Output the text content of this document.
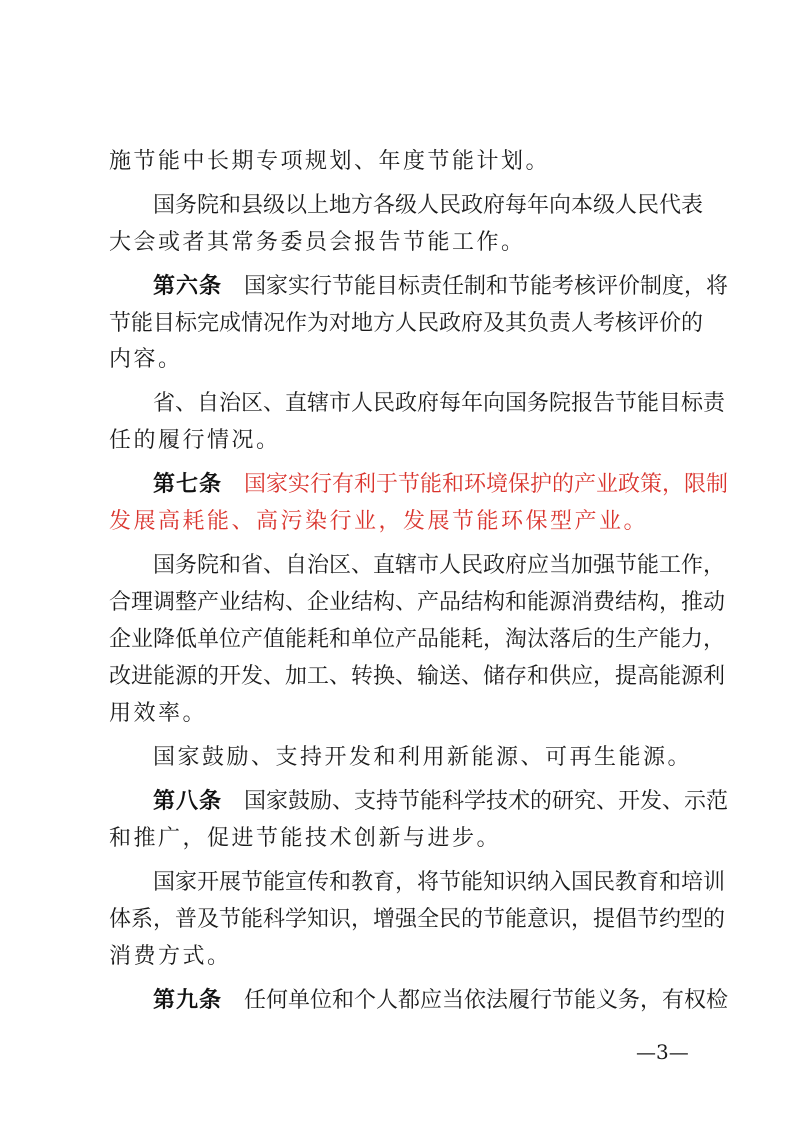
施节能中长期专项规划、年度节能计划。
国务院和县级以上地方各级人民政府每年向本级人民代表
大会或者其常务委员会报告节能工作。
第六条 国家实行节能目标责任制和节能考核评价制度，将
节能目标完成情况作为对地方人民政府及其负责人考核评价的
内容。
省、自治区、直辖市人民政府每年向国务院报告节能目标责
任的履行情况。
第七条 国家实行有利于节能和环境保护的产业政策，限制
发展高耗能、高污染行业，发展节能环保型产业。
国务院和省、自治区、直辖市人民政府应当加强节能工作，
合理调整产业结构、企业结构、产品结构和能源消费结构，推动
企业降低单位产值能耗和单位产品能耗，淘汰落后的生产能力，
改进能源的开发、加工、转换、输送、储存和供应，提高能源利
用效率。
国家鼓励、支持开发和利用新能源、可再生能源。
第八条 国家鼓励、支持节能科学技术的研究、开发、示范
和推广，促进节能技术创新与进步。
国家开展节能宣传和教育，将节能知识纳入国民教育和培训
体系，普及节能科学知识，增强全民的节能意识，提倡节约型的
消费方式。
第九条 任何单位和个人都应当依法履行节能义务，有权检
—3—
